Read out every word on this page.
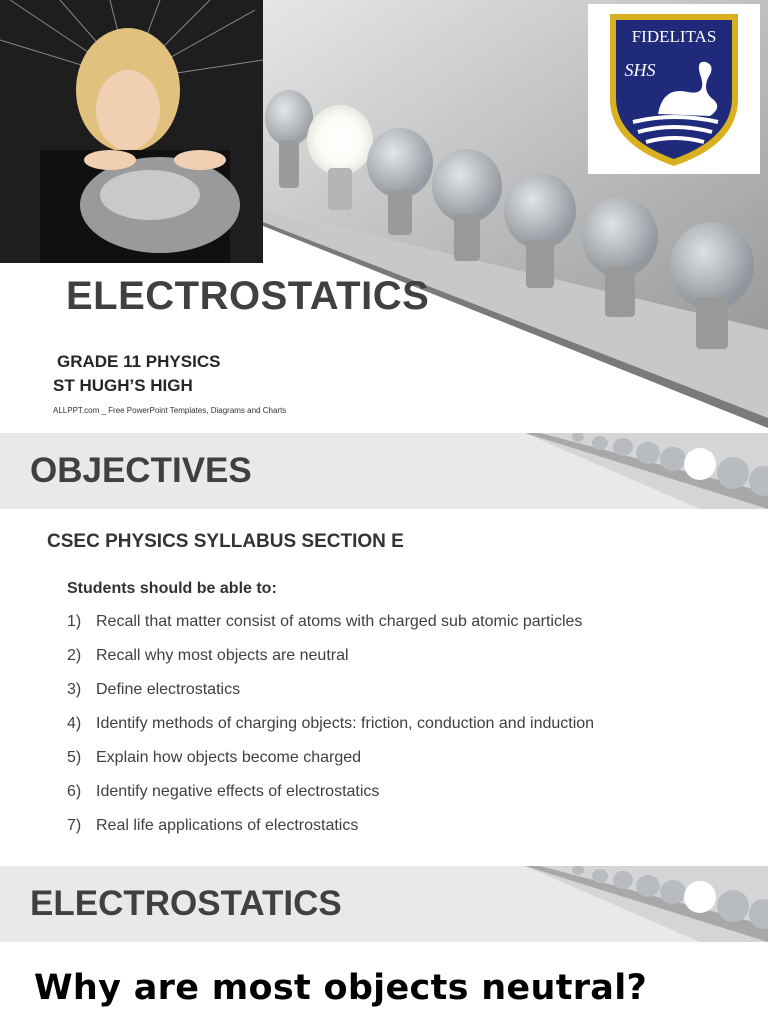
FIDELITAS
SHS
ELECTROSTATICS
GRADE 11 PHYSICS
ST HUGH’S HIGH
ALLPPT.com _ Free PowerPoint Templates, Diagrams and Charts
OBJECTIVES
CSEC PHYSICS SYLLABUS SECTION E
Students should be able to:
1) Recall that matter consist of atoms with charged sub atomic particles
2) Recall why most objects are neutral
3) Define electrostatics
4) Identify methods of charging objects: friction, conduction and induction
5) Explain how objects become charged
6) Identify negative effects of electrostatics
7) Real life applications of electrostatics
ELECTROSTATICS
Why are most objects neutral?
